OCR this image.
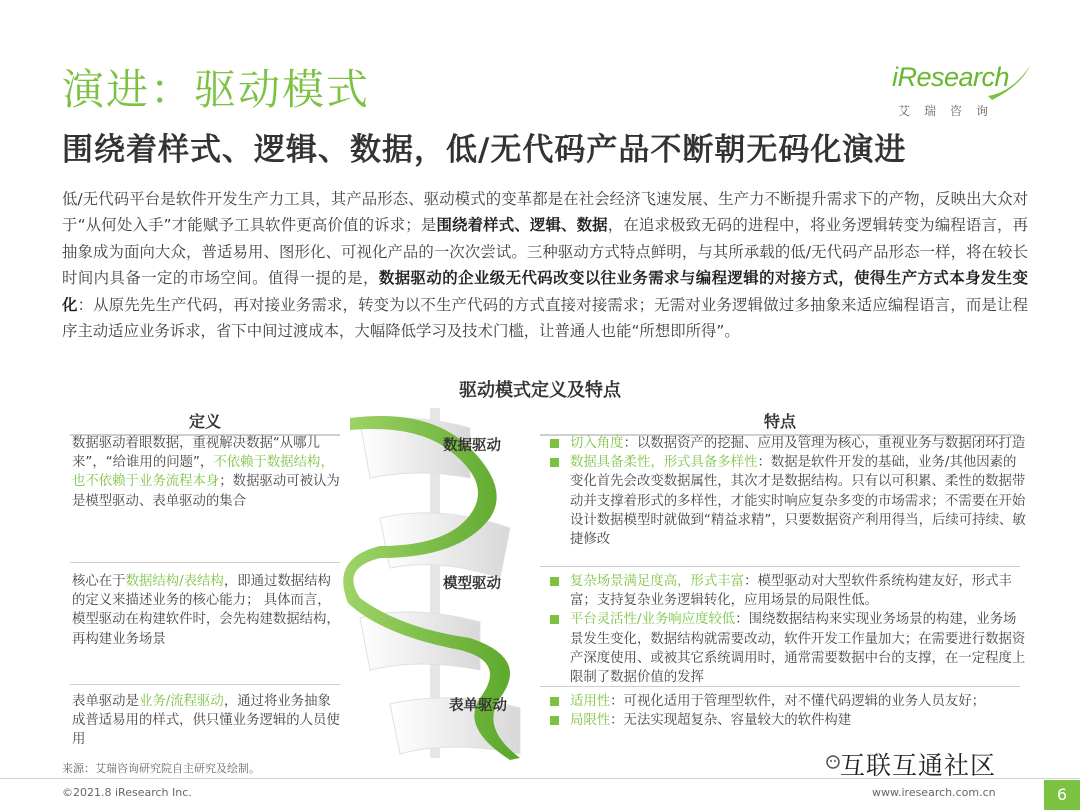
演进：驱动模式
围绕着样式、逻辑、数据，低/无代码产品不断朝无码化演进
iResearch
艾瑞咨询
低/无代码平台是软件开发生产力工具，其产品形态、驱动模式的变革都是在社会经济飞速发展、生产力不断提升需求下的产物，反映出大众对于“从何处入手”才能赋予工具软件更高价值的诉求；是围绕着样式、逻辑、数据，在追求极致无码的进程中，将业务逻辑转变为编程语言，再抽象成为面向大众，普适易用、图形化、可视化产品的一次次尝试。三种驱动方式特点鲜明，与其所承载的低/无代码产品形态一样，将在较长时间内具备一定的市场空间。值得一提的是，数据驱动的企业级无代码改变以往业务需求与编程逻辑的对接方式，使得生产方式本身发生变化：从原先先生产代码，再对接业务需求，转变为以不生产代码的方式直接对接需求；无需对业务逻辑做过多抽象来适应编程语言，而是让程序主动适应业务诉求，省下中间过渡成本，大幅降低学习及技术门槛，让普通人也能“所想即所得”。
驱动模式定义及特点
定义	特点
数据驱动着眼数据，重视解决数据“从哪儿来”，“给谁用的问题”，不依赖于数据结构，也不依赖于业务流程本身；数据驱动可被认为是模型驱动、表单驱动的集合
数据驱动	切入角度：以数据资产的挖掘、应用及管理为核心，重视业务与数据闭环打造
数据具备柔性，形式具备多样性：数据是软件开发的基础，业务/其他因素的变化首先会改变数据属性，其次才是数据结构。只有以可积累、柔性的数据带动并支撑着形式的多样性，才能实时响应复杂多变的市场需求；不需要在开始设计数据模型时就做到“精益求精”，只要数据资产利用得当，后续可持续、敏捷修改
核心在于数据结构/表结构，即通过数据结构的定义来描述业务的核心能力； 具体而言，模型驱动在构建软件时，会先构建数据结构，再构建业务场景
模型驱动	复杂场景满足度高，形式丰富：模型驱动对大型软件系统构建友好，形式丰富；支持复杂业务逻辑转化，应用场景的局限性低。
平台灵活性/业务响应度较低：围绕数据结构来实现业务场景的构建，业务场景发生变化，数据结构就需要改动，软件开发工作量加大；在需要进行数据资产深度使用、或被其它系统调用时，通常需要数据中台的支撑，在一定程度上限制了数据价值的发挥
表单驱动是业务/流程驱动，通过将业务抽象成普适易用的样式，供只懂业务逻辑的人员使用
表单驱动	适用性：可视化适用于管理型软件，对不懂代码逻辑的业务人员友好；
局限性：无法实现超复杂、容量较大的软件构建
来源：艾瑞咨询研究院自主研究及绘制。
©2021.8 iResearch Inc.	www.iresearch.com.cn	6
互联互通社区
